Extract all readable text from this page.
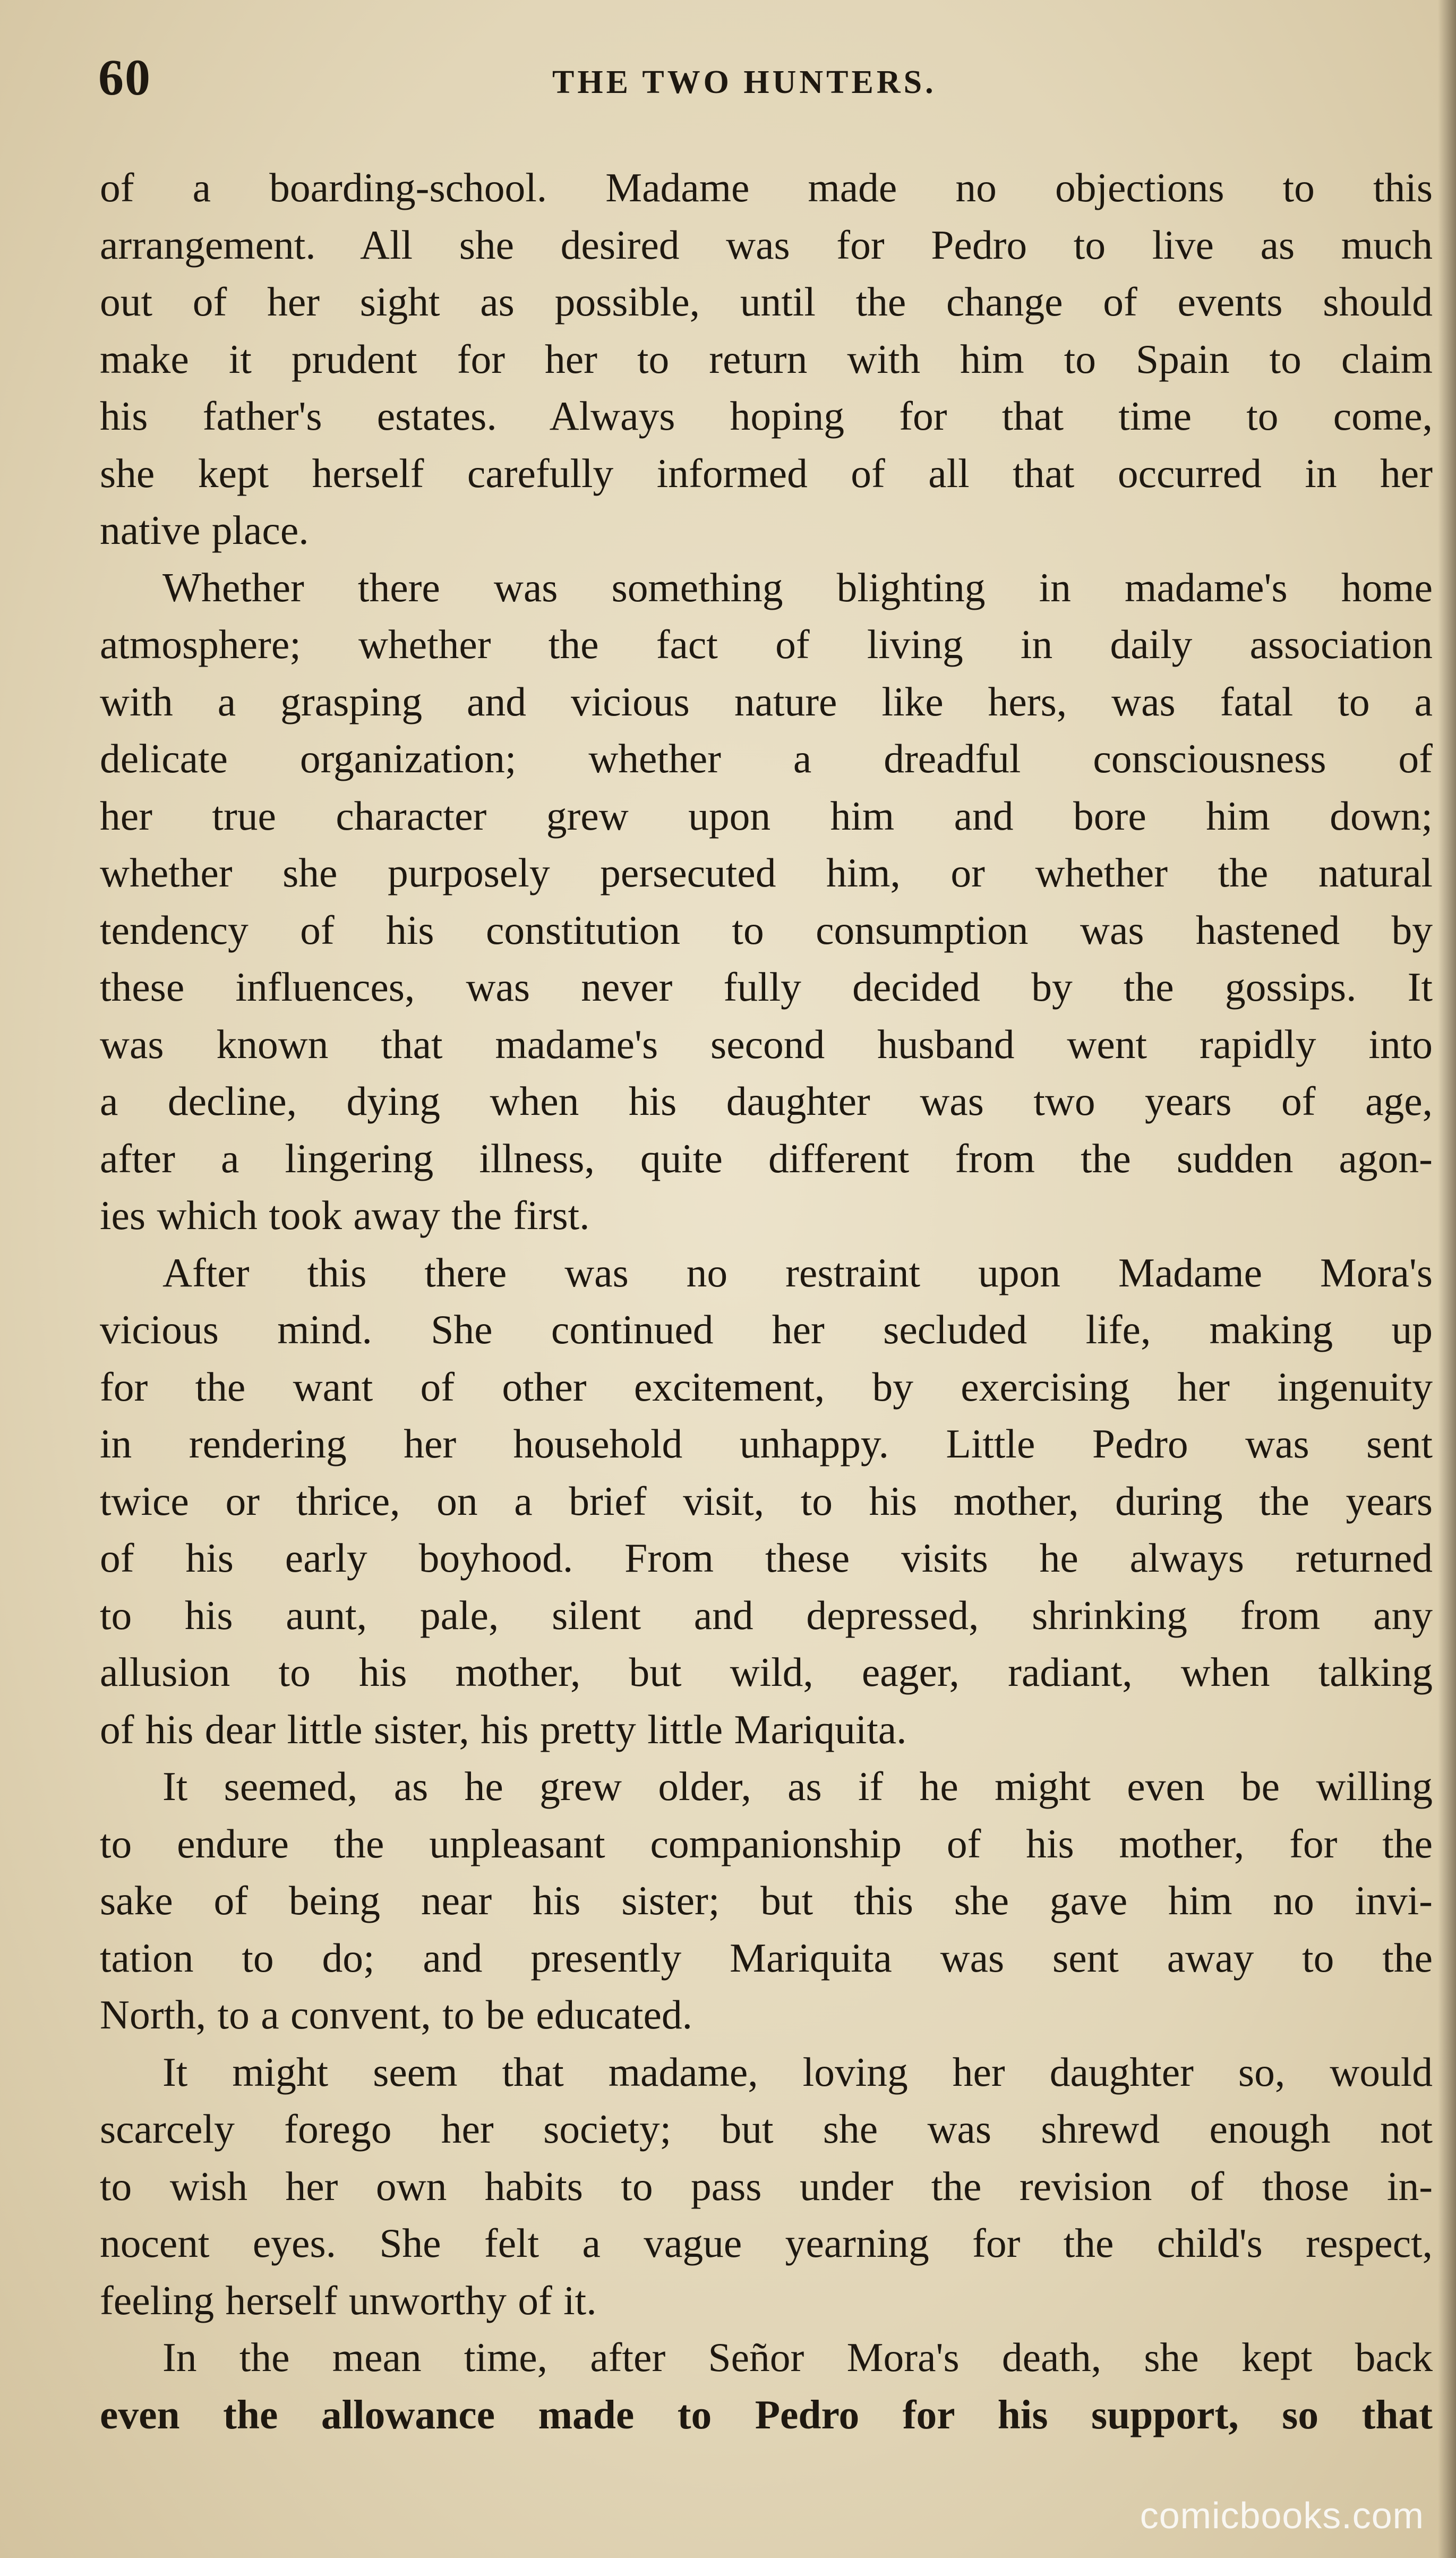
60	THE TWO HUNTERS.
of a boarding-school. Madame made no objections to this
arrangement. All she desired was for Pedro to live as much
out of her sight as possible, until the change of events should
make it prudent for her to return with him to Spain to claim
his father's estates. Always hoping for that time to come,
she kept herself carefully informed of all that occurred in her
native place.
Whether there was something blighting in madame's home
atmosphere; whether the fact of living in daily association
with a grasping and vicious nature like hers, was fatal to a
delicate organization; whether a dreadful consciousness of
her true character grew upon him and bore him down;
whether she purposely persecuted him, or whether the natural
tendency of his constitution to consumption was hastened by
these influences, was never fully decided by the gossips. It
was known that madame's second husband went rapidly into
a decline, dying when his daughter was two years of age,
after a lingering illness, quite different from the sudden agon-
ies which took away the first.
After this there was no restraint upon Madame Mora's
vicious mind. She continued her secluded life, making up
for the want of other excitement, by exercising her ingenuity
in rendering her household unhappy. Little Pedro was sent
twice or thrice, on a brief visit, to his mother, during the years
of his early boyhood. From these visits he always returned
to his aunt, pale, silent and depressed, shrinking from any
allusion to his mother, but wild, eager, radiant, when talking
of his dear little sister, his pretty little Mariquita.
It seemed, as he grew older, as if he might even be willing
to endure the unpleasant companionship of his mother, for the
sake of being near his sister; but this she gave him no invi-
tation to do; and presently Mariquita was sent away to the
North, to a convent, to be educated.
It might seem that madame, loving her daughter so, would
scarcely forego her society; but she was shrewd enough not
to wish her own habits to pass under the revision of those in-
nocent eyes. She felt a vague yearning for the child's respect,
feeling herself unworthy of it.
In the mean time, after Señor Mora's death, she kept back
even the allowance made to Pedro for his support, so that
comicbooks.com
